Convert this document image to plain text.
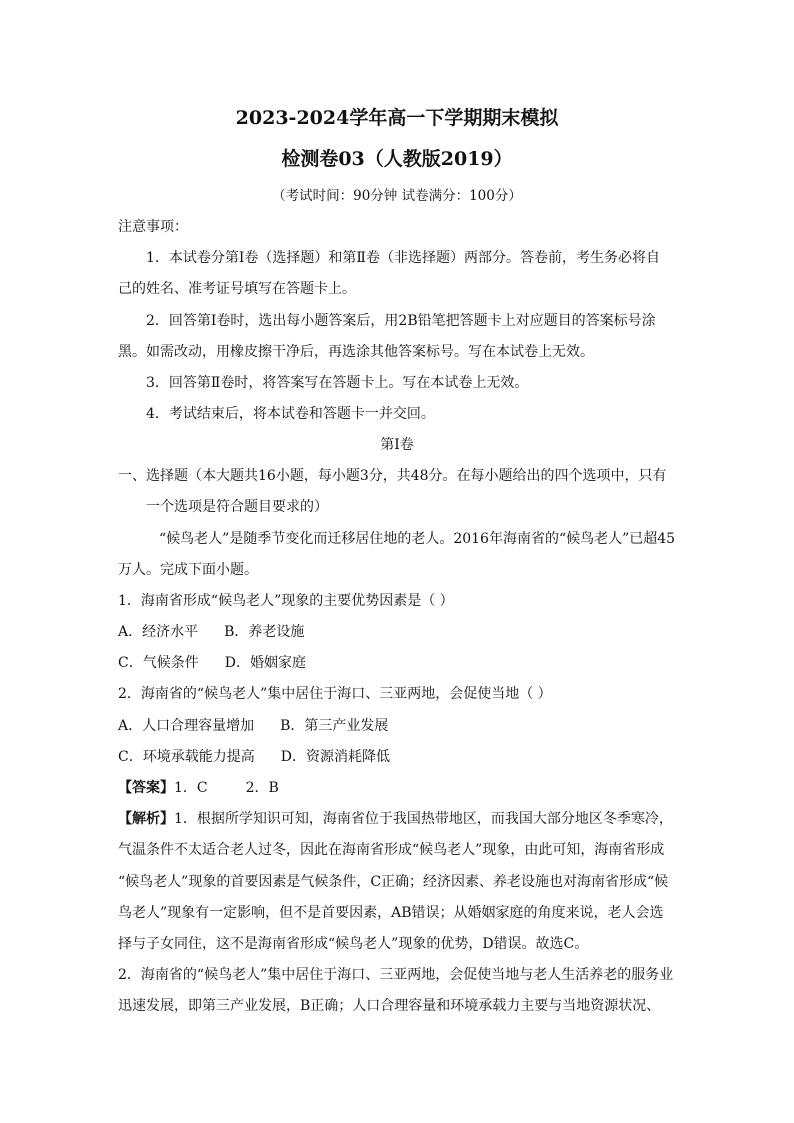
2023-2024学年高一下学期期末模拟
检测卷03（人教版2019）
（考试时间：90分钟 试卷满分：100分）
注意事项：
1．本试卷分第Ⅰ卷（选择题）和第Ⅱ卷（非选择题）两部分。答卷前，考生务必将自
己的姓名、准考证号填写在答题卡上。
2．回答第Ⅰ卷时，选出每小题答案后，用2B铅笔把答题卡上对应题目的答案标号涂
黑。如需改动，用橡皮擦干净后，再选涂其他答案标号。写在本试卷上无效。
3．回答第Ⅱ卷时，将答案写在答题卡上。写在本试卷上无效。
4．考试结束后，将本试卷和答题卡一并交回。
第Ⅰ卷
一、选择题（本大题共16小题，每小题3分，共48分。在每小题给出的四个选项中，只有
一个选项是符合题目要求的）
“候鸟老人”是随季节变化而迁移居住地的老人。2016年海南省的“候鸟老人”已超45
万人。完成下面小题。
1．海南省形成“候鸟老人”现象的主要优势因素是（ ）
A．经济水平 B．养老设施
C．气候条件 D．婚姻家庭
2．海南省的“候鸟老人”集中居住于海口、三亚两地，会促使当地（ ）
A．人口合理容量增加 B．第三产业发展
C．环境承载能力提高 D．资源消耗降低
【答案】1．C	2．B
【解析】1．根据所学知识可知，海南省位于我国热带地区，而我国大部分地区冬季寒冷，
气温条件不太适合老人过冬，因此在海南省形成“候鸟老人”现象，由此可知，海南省形成
“候鸟老人”现象的首要因素是气候条件，C正确；经济因素、养老设施也对海南省形成“候
鸟老人”现象有一定影响，但不是首要因素，AB错误；从婚姻家庭的角度来说，老人会选
择与子女同住，这不是海南省形成“候鸟老人”现象的优势，D错误。故选C。
2．海南省的“候鸟老人”集中居住于海口、三亚两地，会促使当地与老人生活养老的服务业
迅速发展，即第三产业发展，B正确；人口合理容量和环境承载力主要与当地资源状况、
